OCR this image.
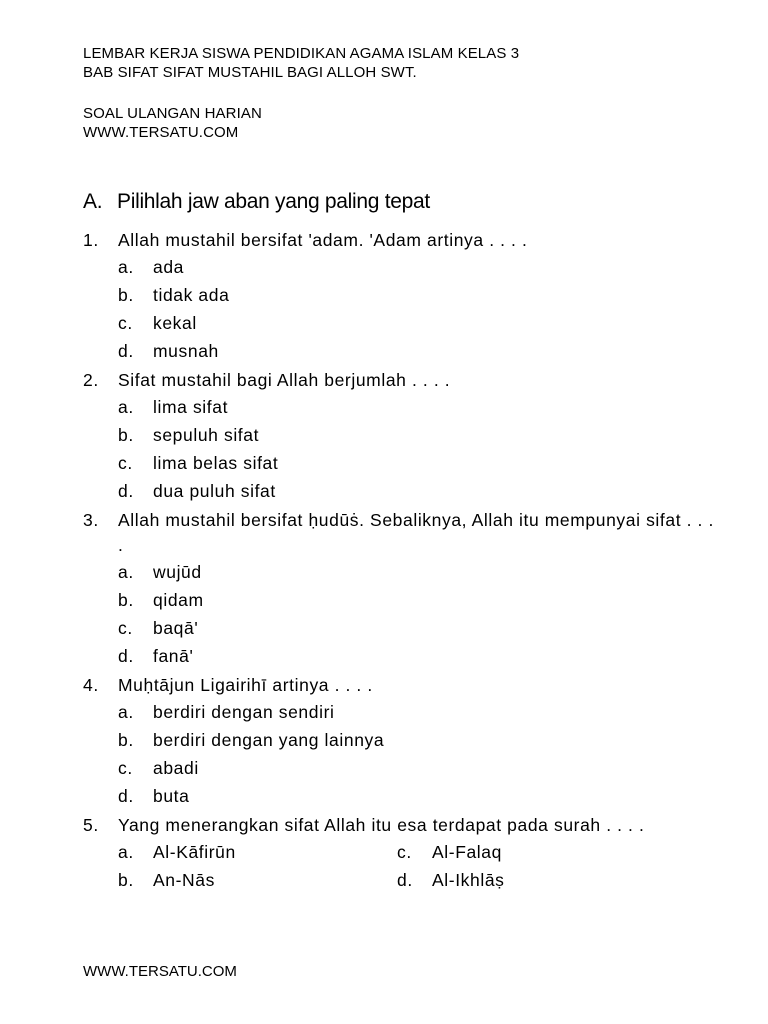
LEMBAR KERJA SISWA PENDIDIKAN AGAMA ISLAM KELAS 3
BAB SIFAT SIFAT MUSTAHIL BAGI ALLOH SWT.
SOAL ULANGAN HARIAN
WWW.TERSATU.COM
A. Pilihlah jaw aban yang paling tepat
1. Allah mustahil bersifat 'adam. 'Adam artinya . . . .
a. ada
b. tidak ada
c. kekal
d. musnah
2. Sifat mustahil bagi Allah berjumlah . . . .
a. lima sifat
b. sepuluh sifat
c. lima belas sifat
d. dua puluh sifat
3. Allah mustahil bersifat ḥudūṡ. Sebaliknya, Allah itu mempunyai sifat . . . .
a. wujūd
b. qidam
c. baqā'
d. fanā'
4. Muḥtājun Ligairihī artinya . . . .
a. berdiri dengan sendiri
b. berdiri dengan yang lainnya
c. abadi
d. buta
5. Yang menerangkan sifat Allah itu esa terdapat pada surah . . . .
a. Al-Kāfirūn	c. Al-Falaq
b. An-Nās	d. Al-Ikhlāṣ
WWW.TERSATU.COM
